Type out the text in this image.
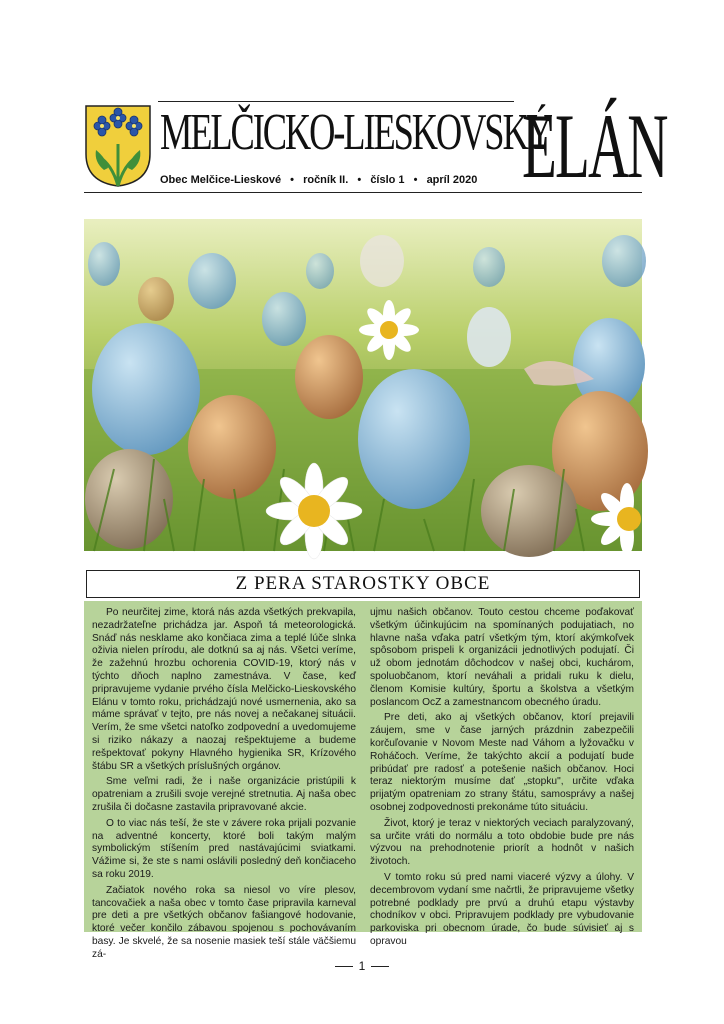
MELČICKO-LIESKOVSKÝ
ELÁN
Obec Melčice-Lieskové • ročník II. • číslo 1 • apríl 2020
Z PERA STAROSTKY OBCE

Po neurčitej zime, ktorá nás azda všetkých prekvapila, nezadržateľne prichádza jar. Aspoň tá meteorologická. Snáď nás nesklame ako končiaca zima a teplé lúče slnka oživia nielen prírodu, ale dotknú sa aj nás. Všetci veríme, že zažehnú hrozbu ochorenia COVID-19, ktorý nás v týchto dňoch naplno zamestnáva. V čase, keď pripravujeme vydanie prvého čísla Melčicko-Lieskovského Elánu v tomto roku, prichádzajú nové usmernenia, ako sa máme správať v tejto, pre nás novej a nečakanej situácii. Verím, že sme všetci natoľko zodpovední a uvedomujeme si riziko nákazy a naozaj rešpektujeme a budeme rešpektovať pokyny Hlavného hygienika SR, Krízového štábu SR a všetkých príslušných orgánov.

Sme veľmi radi, že i naše organizácie pristúpili k opatreniam a zrušili svoje verejné stretnutia. Aj naša obec zrušila či dočasne zastavila pripravované akcie.

O to viac nás teší, že ste v závere roka prijali pozvanie na adventné koncerty, ktoré boli takým malým symbolickým stíšením pred nastávajúcimi sviatkami. Vážime si, že ste s nami oslávili posledný deň končiaceho sa roku 2019.

Začiatok nového roka sa niesol vo víre plesov, tancovačiek a naša obec v tomto čase pripravila karneval pre deti a pre všetkých občanov fašiangové hodovanie, ktoré večer končilo zábavou spojenou s pochovávaním basy. Je skvelé, že sa nosenie masiek teší stále väčšiemu zá-

ujmu našich občanov. Touto cestou chceme poďakovať všetkým účinkujúcim na spomínaných podujatiach, no hlavne naša vďaka patrí všetkým tým, ktorí akýmkoľvek spôsobom prispeli k organizácii jednotlivých podujatí. Či už obom jednotám dôchodcov v našej obci, kuchárom, spoluobčanom, ktorí neváhali a pridali ruku k dielu, členom Komisie kultúry, športu a školstva a všetkým poslancom OcZ a zamestnancom obecného úradu.

Pre deti, ako aj všetkých občanov, ktorí prejavili záujem, sme v čase jarných prázdnin zabezpečili korčuľovanie v Novom Meste nad Váhom a lyžovačku v Roháčoch. Veríme, že takýchto akcií a podujatí bude pribúdať pre radosť a potešenie našich občanov. Hoci teraz niektorým musíme dať „stopku", určite vďaka prijatým opatreniam zo strany štátu, samosprávy a našej osobnej zodpovednosti prekonáme túto situáciu.

Život, ktorý je teraz v niektorých veciach paralyzovaný, sa určite vráti do normálu a toto obdobie bude pre nás výzvou na prehodnotenie priorít a hodnôt v našich životoch.

V tomto roku sú pred nami viaceré výzvy a úlohy. V decembrovom vydaní sme načrtli, že pripravujeme všetky potrebné podklady pre prvú a druhú etapu výstavby chodníkov v obci. Pripravujem podklady pre vybudovanie parkoviska pri obecnom úrade, čo bude súvisieť aj s opravou

1
